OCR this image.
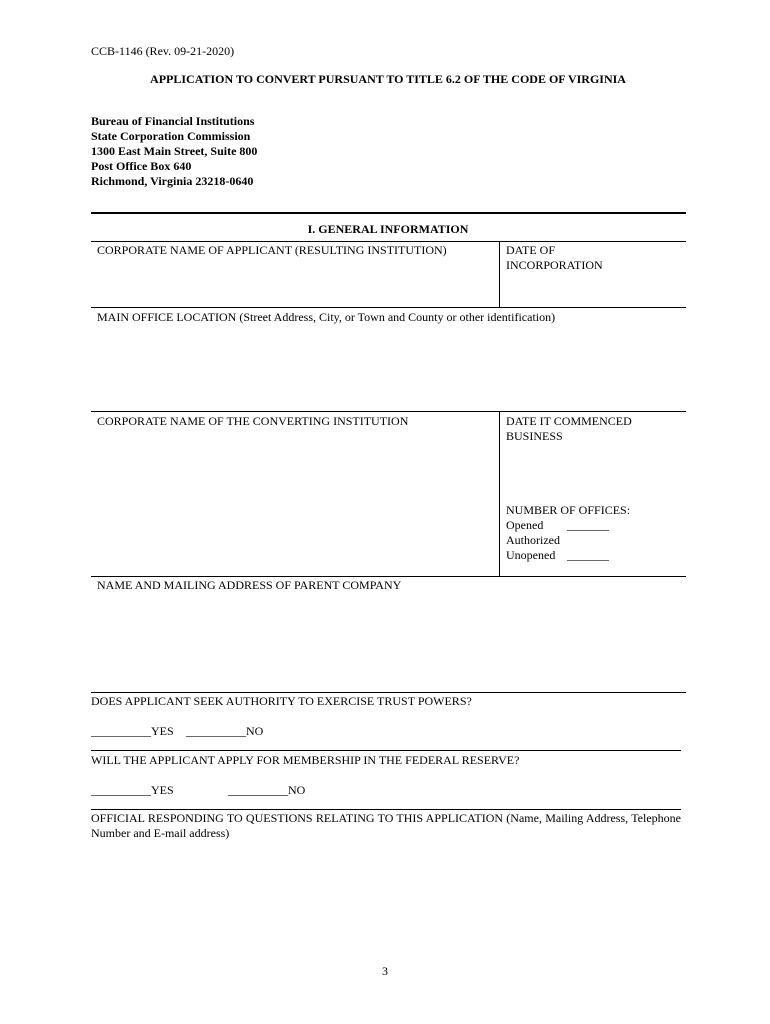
CCB-1146 (Rev. 09-21-2020)
APPLICATION TO CONVERT PURSUANT TO TITLE 6.2 OF THE CODE OF VIRGINIA
Bureau of Financial Institutions
State Corporation Commission
1300 East Main Street, Suite 800
Post Office Box 640
Richmond, Virginia 23218-0640
I. GENERAL INFORMATION
CORPORATE NAME OF APPLICANT (RESULTING INSTITUTION)	DATE OF
INCORPORATION
MAIN OFFICE LOCATION (Street Address, City, or Town and County or other identification)
CORPORATE NAME OF THE CONVERTING INSTITUTION	DATE IT COMMENCED
BUSINESS
NUMBER OF OFFICES:
Opened _______
Authorized
Unopened _______
NAME AND MAILING ADDRESS OF PARENT COMPANY
DOES APPLICANT SEEK AUTHORITY TO EXERCISE TRUST POWERS?
__________YES __________NO
WILL THE APPLICANT APPLY FOR MEMBERSHIP IN THE FEDERAL RESERVE?
__________YES	__________NO
OFFICIAL RESPONDING TO QUESTIONS RELATING TO THIS APPLICATION (Name, Mailing Address, Telephone Number and E-mail address)
3
